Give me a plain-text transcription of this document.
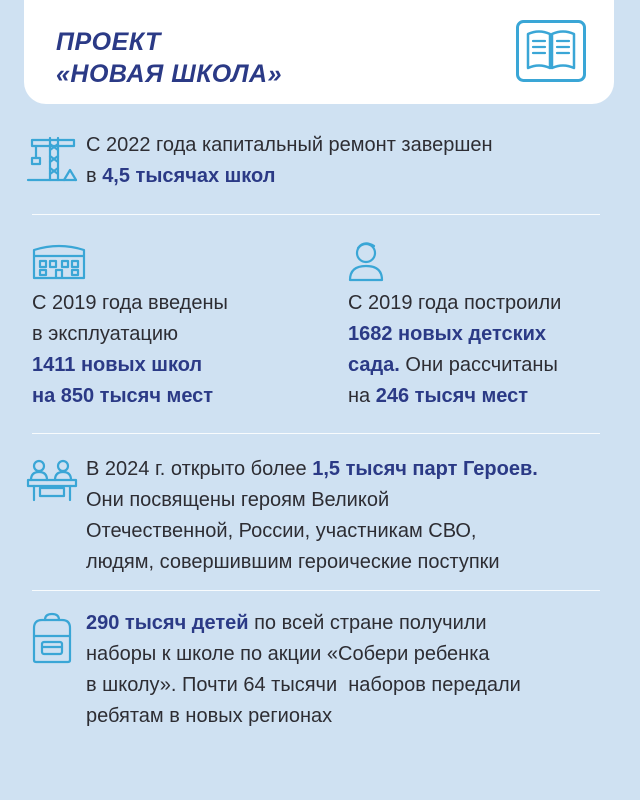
ПРОЕКТ
«НОВАЯ ШКОЛА»
С 2022 года капитальный ремонт завершен
в 4,5 тысячах школ
С 2019 года введены
в эксплуатацию
1411 новых школ
на 850 тысяч мест
С 2019 года построили
1682 новых детских
сада. Они рассчитаны
на 246 тысяч мест
В 2024 г. открыто более 1,5 тысяч парт Героев.
Они посвящены героям Великой
Отечественной, России, участникам СВО,
людям, совершившим героические поступки
290 тысяч детей по всей стране получили
наборы к школе по акции «Собери ребенка
в школу». Почти 64 тысячи  наборов передали
ребятам в новых регионах
